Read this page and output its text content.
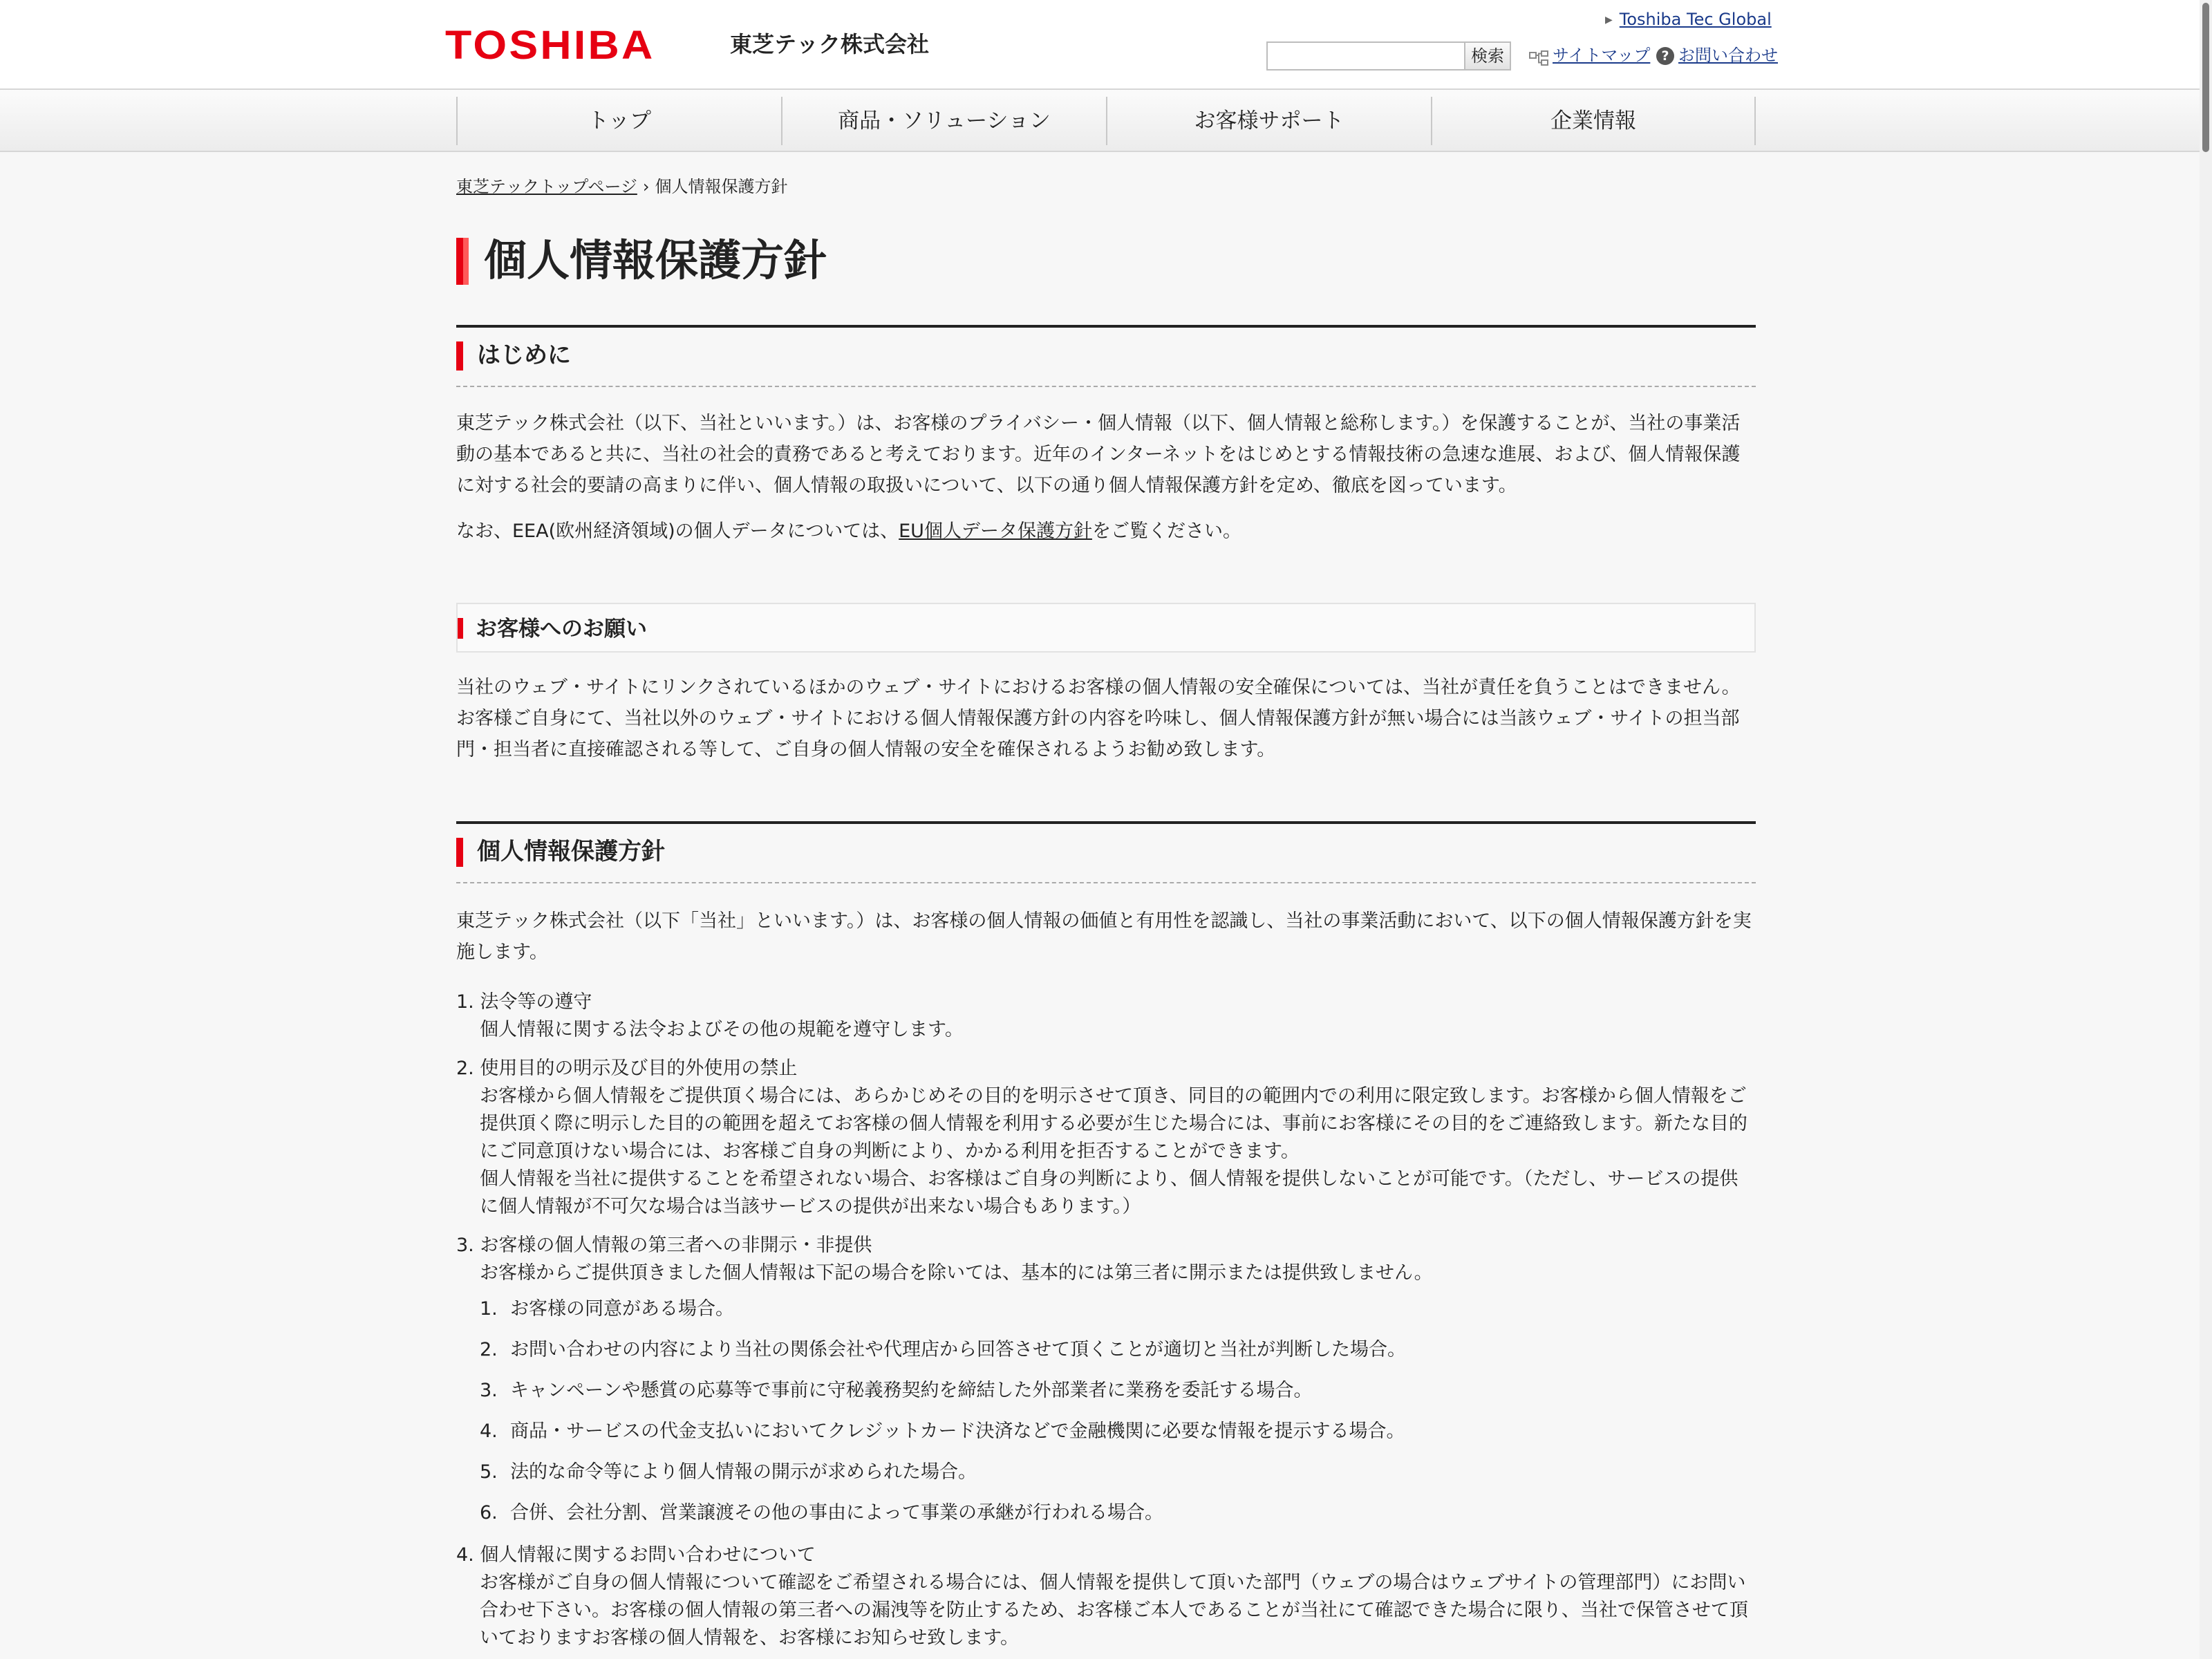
TOSHIBA	東芝テック株式会社
▶ Toshiba Tec Global
検索	サイトマップ ? お問い合わせ
トップ	商品・ソリューション	お客様サポート	企業情報
東芝テックトップページ › 個人情報保護方針
個人情報保護方針
はじめに

東芝テック株式会社（以下、当社といいます。）は、お客様のプライバシー・個人情報（以下、個人情報と総称します。）を保護することが、当社の事業活動の基本であると共に、当社の社会的責務であると考えております。近年のインターネットをはじめとする情報技術の急速な進展、および、個人情報保護に対する社会的要請の高まりに伴い、個人情報の取扱いについて、以下の通り個人情報保護方針を定め、徹底を図っています。

なお、EEA(欧州経済領域)の個人データについては、EU個人データ保護方針をご覧ください。

お客様へのお願い

当社のウェブ・サイトにリンクされているほかのウェブ・サイトにおけるお客様の個人情報の安全確保については、当社が責任を負うことはできません。お客様ご自身にて、当社以外のウェブ・サイトにおける個人情報保護方針の内容を吟味し、個人情報保護方針が無い場合には当該ウェブ・サイトの担当部門・担当者に直接確認される等して、ご自身の個人情報の安全を確保されるようお勧め致します。

個人情報保護方針

東芝テック株式会社（以下「当社」といいます。）は、お客様の個人情報の価値と有用性を認識し、当社の事業活動において、以下の個人情報保護方針を実施します。

1. 法令等の遵守

個人情報に関する法令およびその他の規範を遵守します。

2. 使用目的の明示及び目的外使用の禁止

お客様から個人情報をご提供頂く場合には、あらかじめその目的を明示させて頂き、同目的の範囲内での利用に限定致します。お客様から個人情報をご提供頂く際に明示した目的の範囲を超えてお客様の個人情報を利用する必要が生じた場合には、事前にお客様にその目的をご連絡致します。新たな目的にご同意頂けない場合には、お客様ご自身の判断により、かかる利用を拒否することができます。

個人情報を当社に提供することを希望されない場合、お客様はご自身の判断により、個人情報を提供しないことが可能です。（ただし、サービスの提供に個人情報が不可欠な場合は当該サービスの提供が出来ない場合もあります。）

3. お客様の個人情報の第三者への非開示・非提供

お客様からご提供頂きました個人情報は下記の場合を除いては、基本的には第三者に開示または提供致しません。

1. お客様の同意がある場合。
2. お問い合わせの内容により当社の関係会社や代理店から回答させて頂くことが適切と当社が判断した場合。
3. キャンペーンや懸賞の応募等で事前に守秘義務契約を締結した外部業者に業務を委託する場合。
4. 商品・サービスの代金支払いにおいてクレジットカード決済などで金融機関に必要な情報を提示する場合。
5. 法的な命令等により個人情報の開示が求められた場合。
6. 合併、会社分割、営業譲渡その他の事由によって事業の承継が行われる場合。
4. 個人情報に関するお問い合わせについて

お客様がご自身の個人情報について確認をご希望される場合には、個人情報を提供して頂いた部門（ウェブの場合はウェブサイトの管理部門）にお問い合わせ下さい。お客様の個人情報の第三者への漏洩等を防止するため、お客様ご本人であることが当社にて確認できた場合に限り、当社で保管させて頂いておりますお客様の個人情報を、お客様にお知らせ致します。
